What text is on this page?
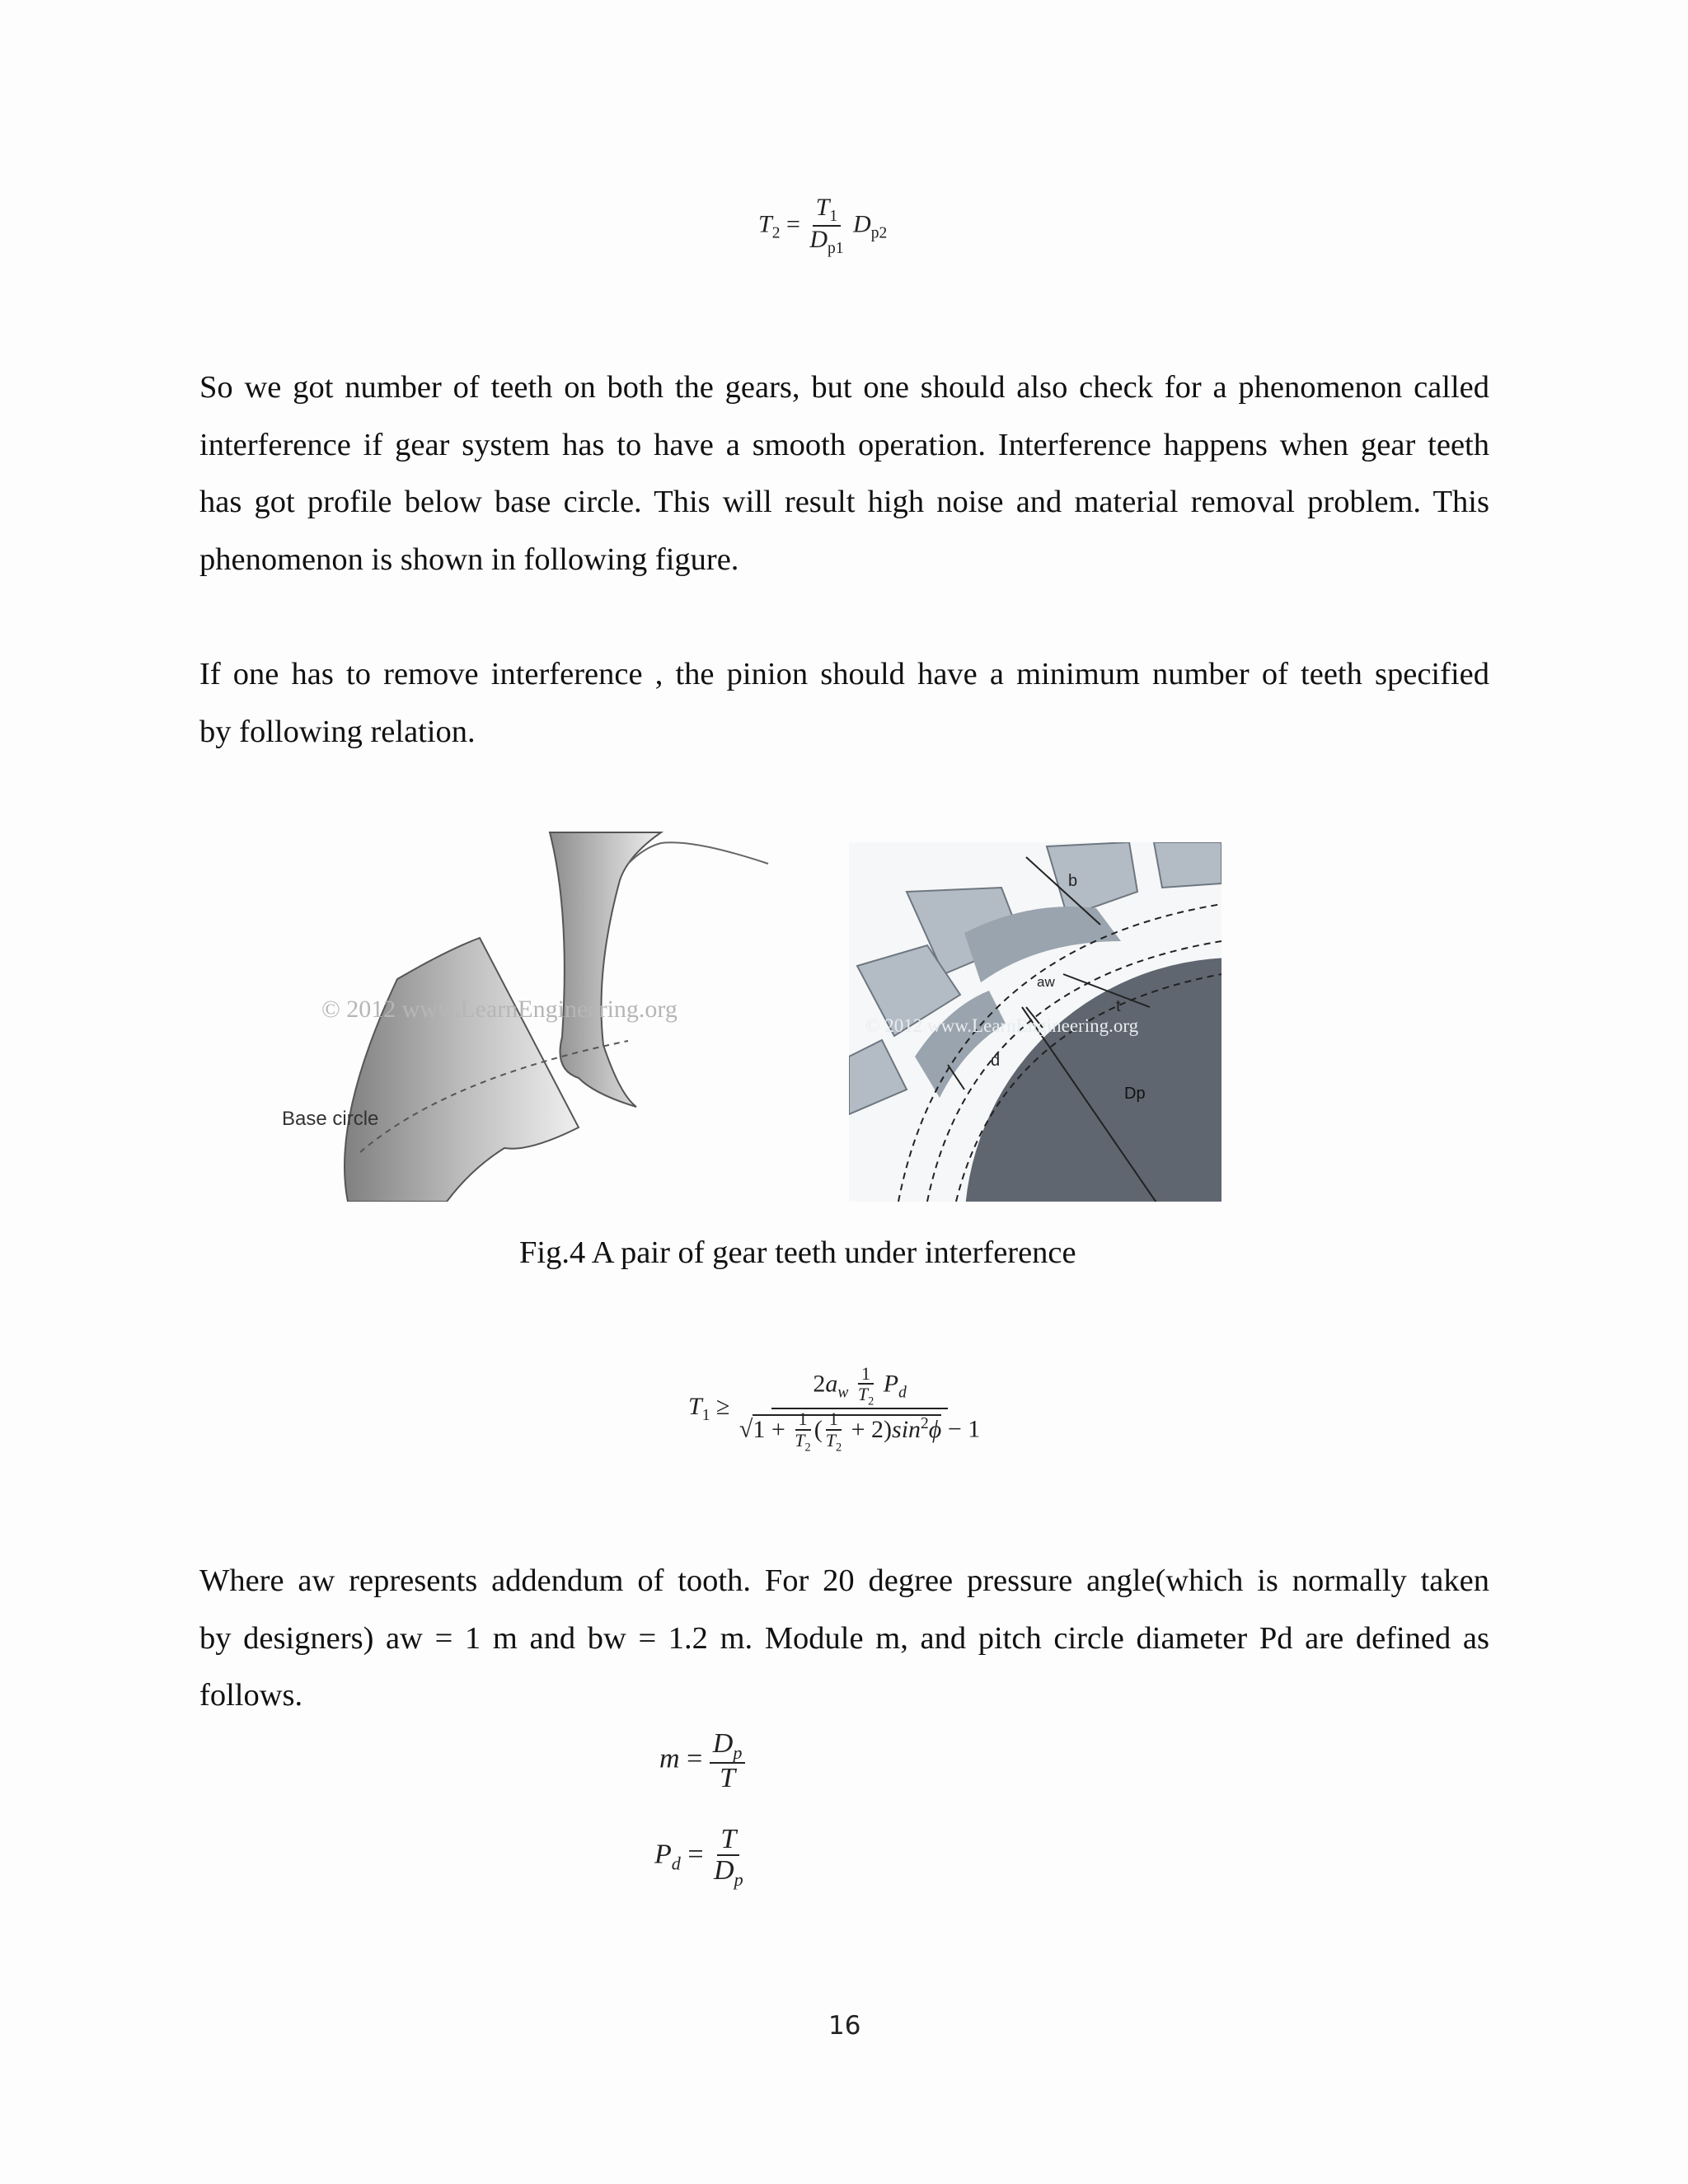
$T_2 = \frac{T_1}{D_{p1}} D_{p2}$
So we got number of teeth on both the gears, but one should also check for a phenomenon called
interference if gear system has to have a smooth operation. Interference happens when gear teeth
has got profile below base circle. This will result high noise and material removal problem. This
phenomenon is shown in following figure.
If one has to remove interference , the pinion should have a minimum number of teeth specified
by following relation.
© 2012 www.LearnEngineering.org
Base circle
© 2012 www.LearnEngineering.org
b
aw
t
d
Dp
Fig.4 A pair of gear teeth under interference
$T_1 \ge \frac{2a_w \frac{1}{T_2} P_d}{√1 + \frac{1}{T_2} ( \frac{1}{T_2} + 2)\sin^2\phi - 1}$
Where aw represents addendum of tooth. For 20 degree pressure angle(which is normally taken
by designers) aw = 1 m and bw = 1.2 m. Module m, and pitch circle diameter Pd are defined as
follows.
$m = \frac{D_p}{T}$
$P_d = \frac{T}{D_p}$
16
